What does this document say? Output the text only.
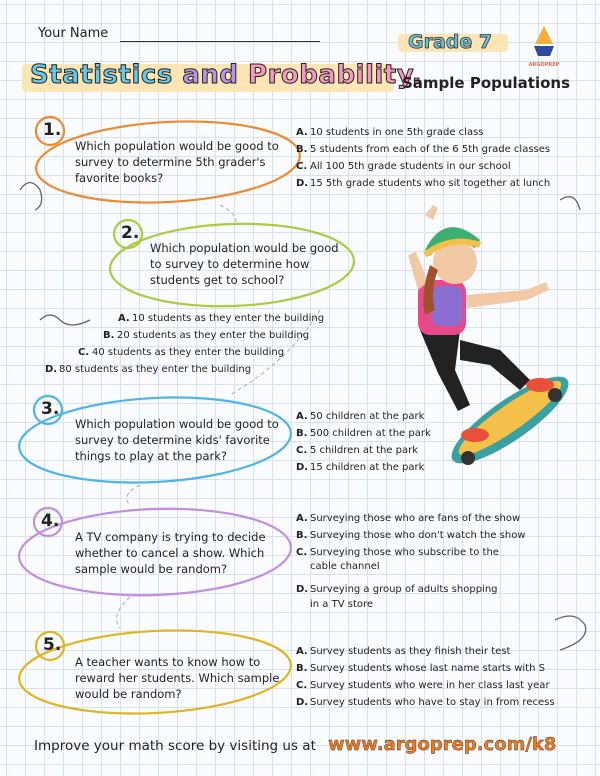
Your Name	Grade 7
Statistics and Probability.
Sample Populations
ARGOPREP
1.
Which population would be good to survey to determine 5th grader's favorite books?
A. 10 students in one 5th grade class
B. 5 students from each of the 6 5th grade classes
C. All 100 5th grade students in our school
D. 15 5th grade students who sit together at lunch
2.
Which population would be good to survey to determine how students get to school?
A. 10 students as they enter the building
B. 20 students as they enter the building
C. 40 students as they enter the building
D. 80 students as they enter the building
3.
Which population would be good to survey to determine kids' favorite things to play at the park?
A. 50 children at the park
B. 500 children at the park
C. 5 children at the park
D. 15 children at the park
4.
A TV company is trying to decide whether to cancel a show. Which sample would be random?
A. Surveying those who are fans of the show
B. Surveying those who don't watch the show
C. Surveying those who subscribe to the cable channel
D. Surveying a group of adults shopping in a TV store
5.
A teacher wants to know how to reward her students. Which sample would be random?
A. Survey students as they finish their test
B. Survey students whose last name starts with S
C. Survey students who were in her class last year
D. Survey students who have to stay in from recess
Improve your math score by visiting us at www.argoprep.com/k8
